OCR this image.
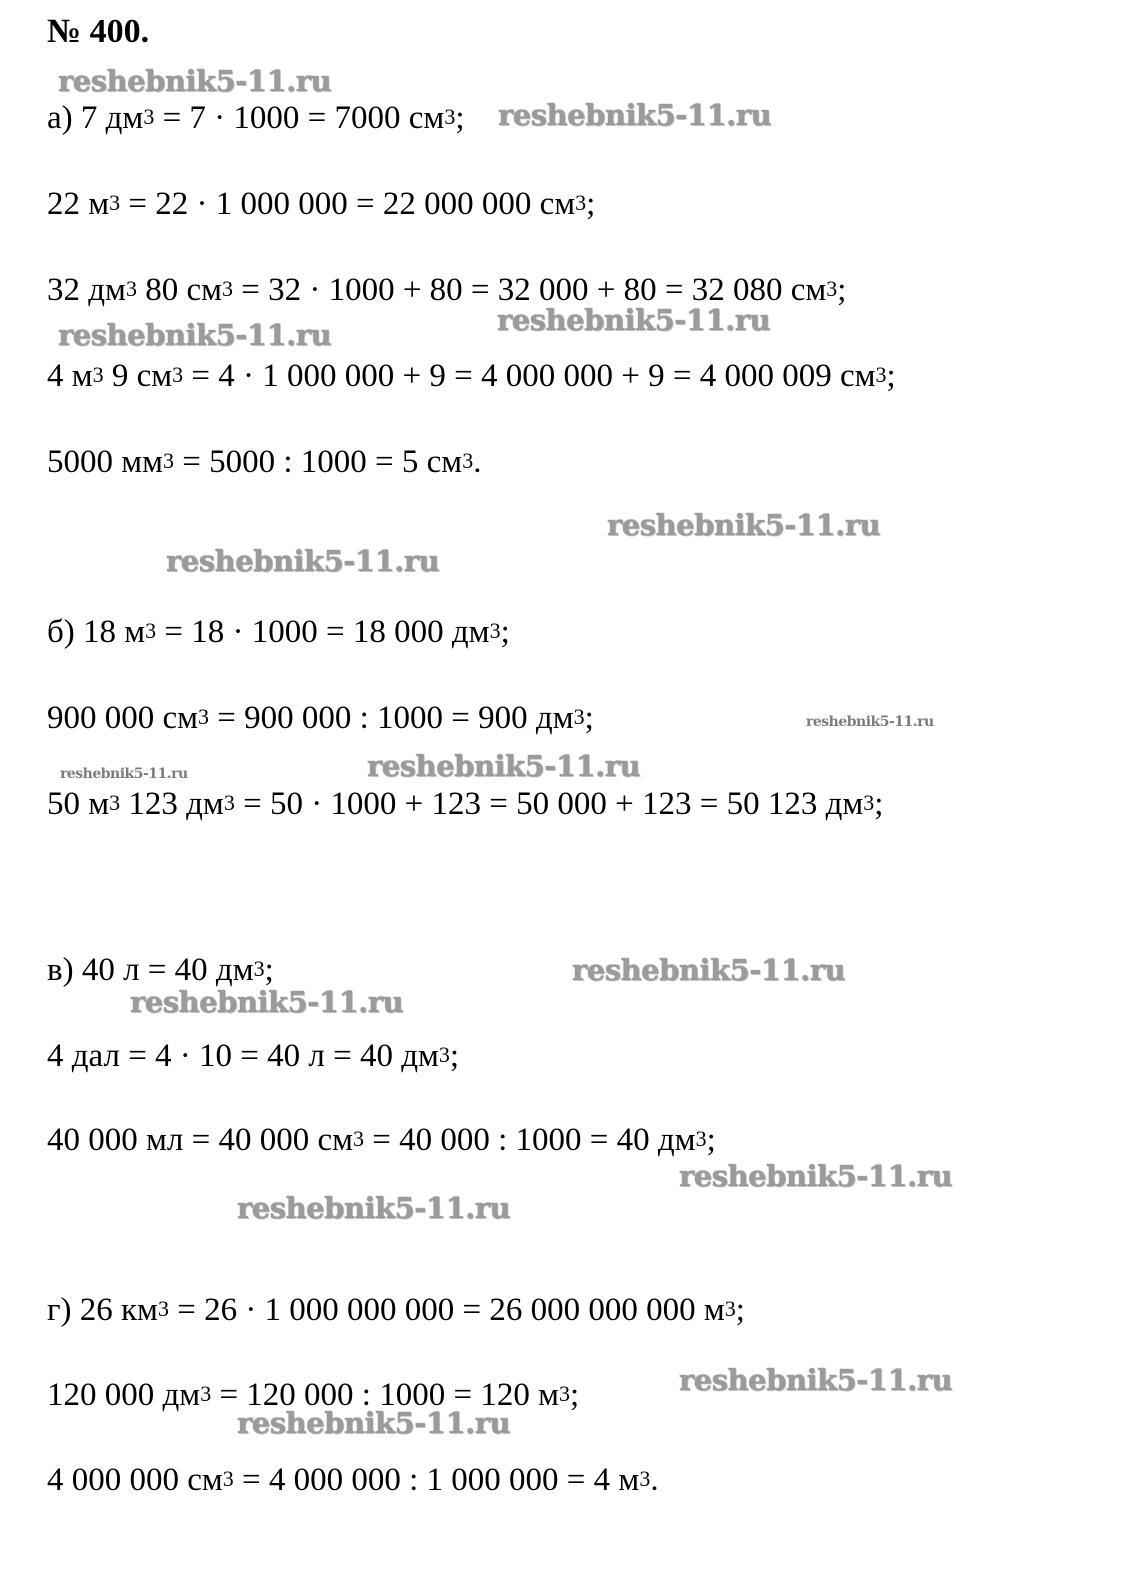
№ 400.
reshebnik5-11.ru
reshebnik5-11.ru
reshebnik5-11.ru	reshebnik5-11.ru
reshebnik5-11.ru
reshebnik5-11.ru
reshebnik5-11.ru
reshebnik5-11.ru	reshebnik5-11.ru
reshebnik5-11.ru
reshebnik5-11.ru
reshebnik5-11.ru
reshebnik5-11.ru
reshebnik5-11.ru
reshebnik5-11.ru
а) 7 $дм^3 = 7 \cdot 1000 = 7000$ $см^3$;
22 $м^3 = 22 \cdot 1$ 000 000 = 22 000 000 $см^3$;
32 $дм^3$ 80 $см^3 = 32 \cdot 1000 + 80 = 32$ 000 + 80 = 32 080 $см^3$;
4 $м^3$ 9 $см^3 = 4 \cdot 1$ 000 000 + 9 = 4 000 000 + 9 = 4 000 009 $см^3$;
5000 $мм^3 = 5000$ : 1000 = 5 $см^3$.
б) 18 $м^3 = 18 \cdot 1000 = 18$ 000 $дм^3$;
900 000 $см^3 = 900$ 000 : 1000 = 900 $дм^3$;
50 $м^3$ 123 $дм^3 = 50 \cdot 1000 + 123 = 50$ 000 + 123 = 50 123 $дм^3$;
в) 40 л = 40 $дм^3$;
4 дал = 4 · 10 = 40 л = 40 $дм^3$;
40 000 мл = 40 000 $см^3 = 40$ 000 : 1000 = 40 $дм^3$;
г) 26 $км^3 = 26 \cdot 1$ 000 000 000 = 26 000 000 000 $м^3$;
120 000 $дм^3 = 120$ 000 : 1000 = 120 $м^3$;
4 000 000 $см^3 = 4$ 000 000 : 1 000 000 = 4 $м^3$.
